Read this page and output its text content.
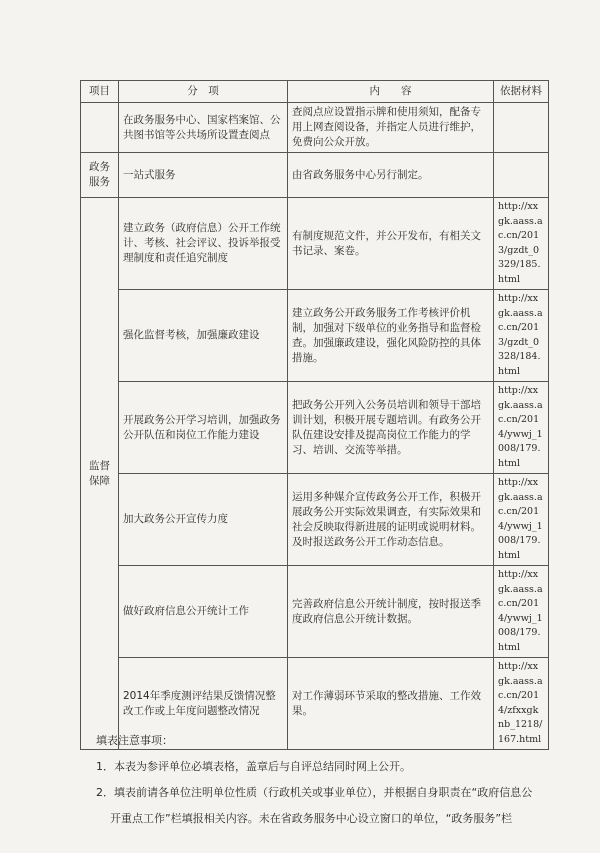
项目	分　项	内　　容	依据材料
	在政务服务中心、国家档案馆、公共图书馆等公共场所设置查阅点	查阅点应设置指示牌和使用须知，配备专用上网查阅设备，并指定人员进行维护，免费向公众开放。	
政务
服务	一站式服务	由省政务服务中心另行制定。	
监督
保障	建立政务（政府信息）公开工作统计、考核、社会评议、投诉举报受理制度和责任追究制度	有制度规范文件，并公开发布，有相关文书记录、案卷。	http://xxgk.aass.ac.cn/2013/gzdt_0329/185.html
	强化监督考核，加强廉政建设	建立政务公开政务服务工作考核评价机制，加强对下级单位的业务指导和监督检查。加强廉政建设，强化风险防控的具体措施。	http://xxgk.aass.ac.cn/2013/gzdt_0328/184.html
	开展政务公开学习培训，加强政务公开队伍和岗位工作能力建设	把政务公开列入公务员培训和领导干部培训计划，积极开展专题培训。有政务公开队伍建设安排及提高岗位工作能力的学习、培训、交流等举措。	http://xxgk.aass.ac.cn/2014/ywwj_1008/179.html
	加大政务公开宣传力度	运用多种媒介宣传政务公开工作，积极开展政务公开实际效果调查，有实际效果和社会反映取得新进展的证明或说明材料。及时报送政务公开工作动态信息。	http://xxgk.aass.ac.cn/2014/ywwj_1008/179.html
	做好政府信息公开统计工作	完善政府信息公开统计制度，按时报送季度政府信息公开统计数据。	http://xxgk.aass.ac.cn/2014/ywwj_1008/179.html
	2014年季度测评结果反馈情况整改工作或上年度问题整改情况	对工作薄弱环节采取的整改措施、工作效果。	http://xxgk.aass.ac.cn/2014/zfxxgknb_1218/167.html
填表注意事项：
1．本表为参评单位必填表格，盖章后与自评总结同时网上公开。
2．填表前请各单位注明单位性质（行政机关或事业单位），并根据自身职责在“政府信息公
开重点工作”栏填报相关内容。未在省政务服务中心设立窗口的单位，“政务服务”栏
